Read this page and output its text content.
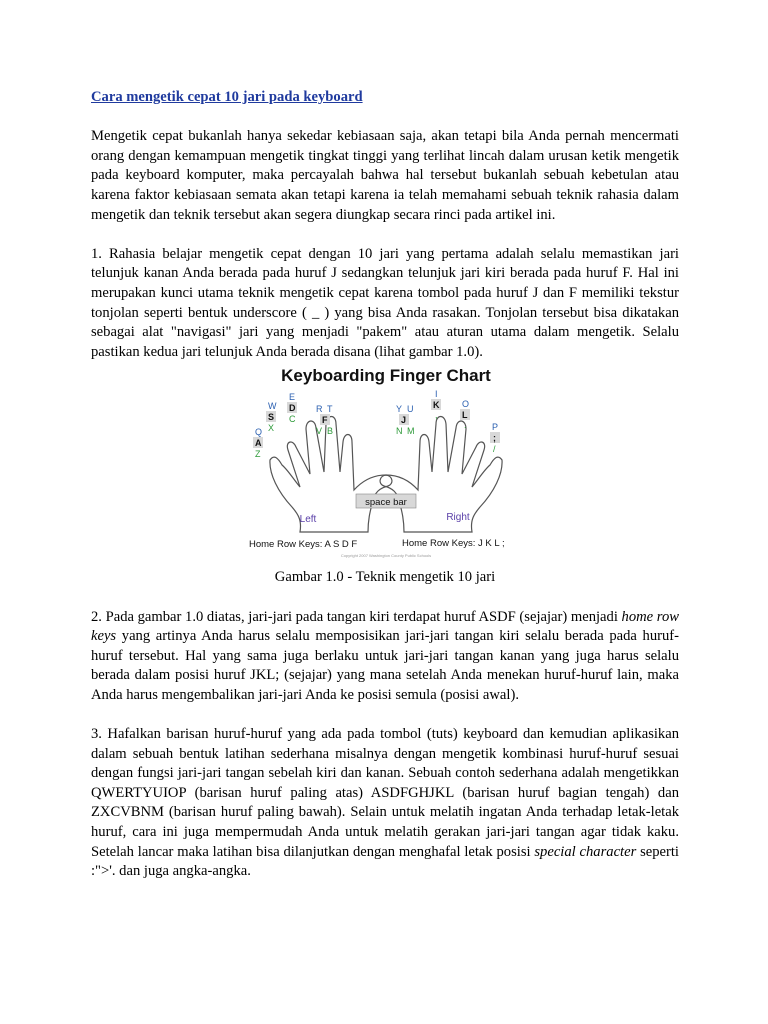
Cara mengetik cepat 10 jari pada keyboard

Mengetik cepat bukanlah hanya sekedar kebiasaan saja, akan tetapi bila Anda pernah mencermati orang dengan kemampuan mengetik tingkat tinggi yang terlihat lincah dalam urusan ketik mengetik pada keyboard komputer, maka percayalah bahwa hal tersebut bukanlah sebuah kebetulan atau karena faktor kebiasaan semata akan tetapi karena ia telah memahami sebuah teknik rahasia dalam mengetik dan teknik tersebut akan segera diungkap secara rinci pada artikel ini.

1. Rahasia belajar mengetik cepat dengan 10 jari yang pertama adalah selalu memastikan jari telunjuk kanan Anda berada pada huruf J sedangkan telunjuk jari kiri berada pada huruf F. Hal ini merupakan kunci utama teknik mengetik cepat karena tombol pada huruf J dan F memiliki tekstur tonjolan seperti bentuk underscore ( _ ) yang bisa Anda rasakan. Tonjolan tersebut bisa dikatakan sebagai alat "navigasi" jari yang menjadi "pakem" atau aturan utama dalam mengetik. Selalu pastikan kedua jari telunjuk Anda berada disana (lihat gambar 1.0).

Keyboarding Finger Chart
space bar
Left	Right
Q
A
Z
W
S
X
E
D
C
R T
F
V B
Y U
J
N M
I
K
,
O
L
.	P
;
/
Home Row Keys: A S D F	Home Row Keys: J K L ;
Copyright 2007 Washington County Public Schools

Gambar 1.0 - Teknik mengetik 10 jari

2. Pada gambar 1.0 diatas, jari-jari pada tangan kiri terdapat huruf ASDF (sejajar) menjadi home row keys yang artinya Anda harus selalu memposisikan jari-jari tangan kiri selalu berada pada huruf-huruf tersebut. Hal yang sama juga berlaku untuk jari-jari tangan kanan yang juga harus selalu berada dalam posisi huruf JKL; (sejajar) yang mana setelah Anda menekan huruf-huruf lain, maka Anda harus mengembalikan jari-jari Anda ke posisi semula (posisi awal).

3. Hafalkan barisan huruf-huruf yang ada pada tombol (tuts) keyboard dan kemudian aplikasikan dalam sebuah bentuk latihan sederhana misalnya dengan mengetik kombinasi huruf-huruf sesuai dengan fungsi jari-jari tangan sebelah kiri dan kanan. Sebuah contoh sederhana adalah mengetikkan QWERTYUIOP (barisan huruf paling atas) ASDFGHJKL (barisan huruf bagian tengah) dan ZXCVBNM (barisan huruf paling bawah). Selain untuk melatih ingatan Anda terhadap letak-letak huruf, cara ini juga mempermudah Anda untuk melatih gerakan jari-jari tangan agar tidak kaku. Setelah lancar maka latihan bisa dilanjutkan dengan menghafal letak posisi special character seperti :">'. dan juga angka-angka.
